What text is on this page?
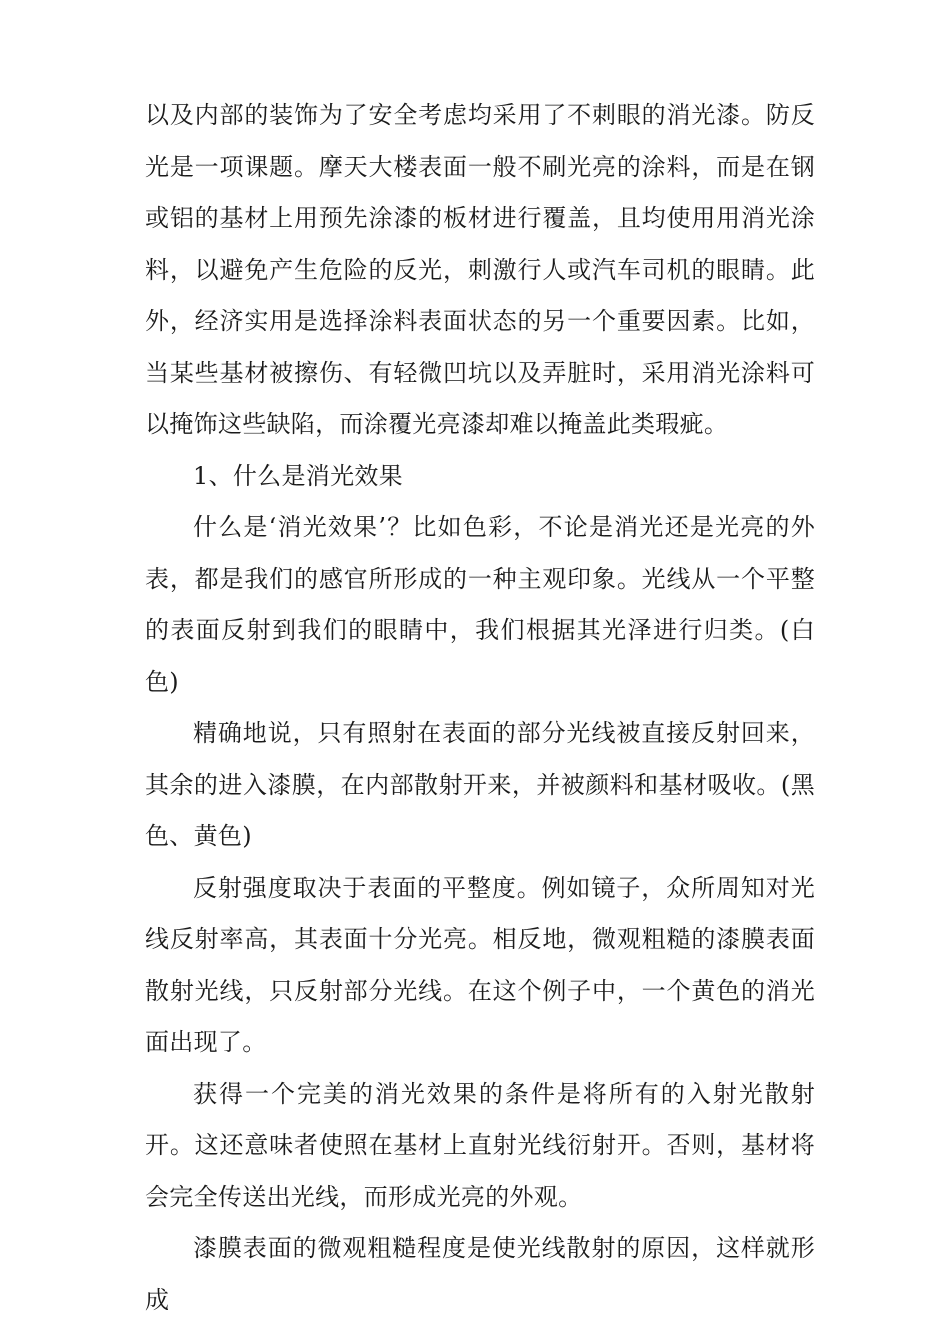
以及内部的装饰为了安全考虑均采用了不刺眼的消光漆。防反光是一项课题。摩天大楼表面一般不刷光亮的涂料，而是在钢或铝的基材上用预先涂漆的板材进行覆盖，且均使用用消光涂料，以避免产生危险的反光，刺激行人或汽车司机的眼睛。此外，经济实用是选择涂料表面状态的另一个重要因素。比如，当某些基材被擦伤、有轻微凹坑以及弄脏时，采用消光涂料可以掩饰这些缺陷，而涂覆光亮漆却难以掩盖此类瑕疵。

1、什么是消光效果

什么是‘消光效果’？比如色彩，不论是消光还是光亮的外表，都是我们的感官所形成的一种主观印象。光线从一个平整的表面反射到我们的眼睛中，我们根据其光泽进行归类。(白色)

精确地说，只有照射在表面的部分光线被直接反射回来，其余的进入漆膜，在内部散射开来，并被颜料和基材吸收。(黑色、黄色)

反射强度取决于表面的平整度。例如镜子，众所周知对光线反射率高，其表面十分光亮。相反地，微观粗糙的漆膜表面散射光线，只反射部分光线。在这个例子中，一个黄色的消光面出现了。

获得一个完美的消光效果的条件是将所有的入射光散射开。这还意味者使照在基材上直射光线衍射开。否则，基材将会完全传送出光线，而形成光亮的外观。

漆膜表面的微观粗糙程度是使光线散射的原因，这样就形成
